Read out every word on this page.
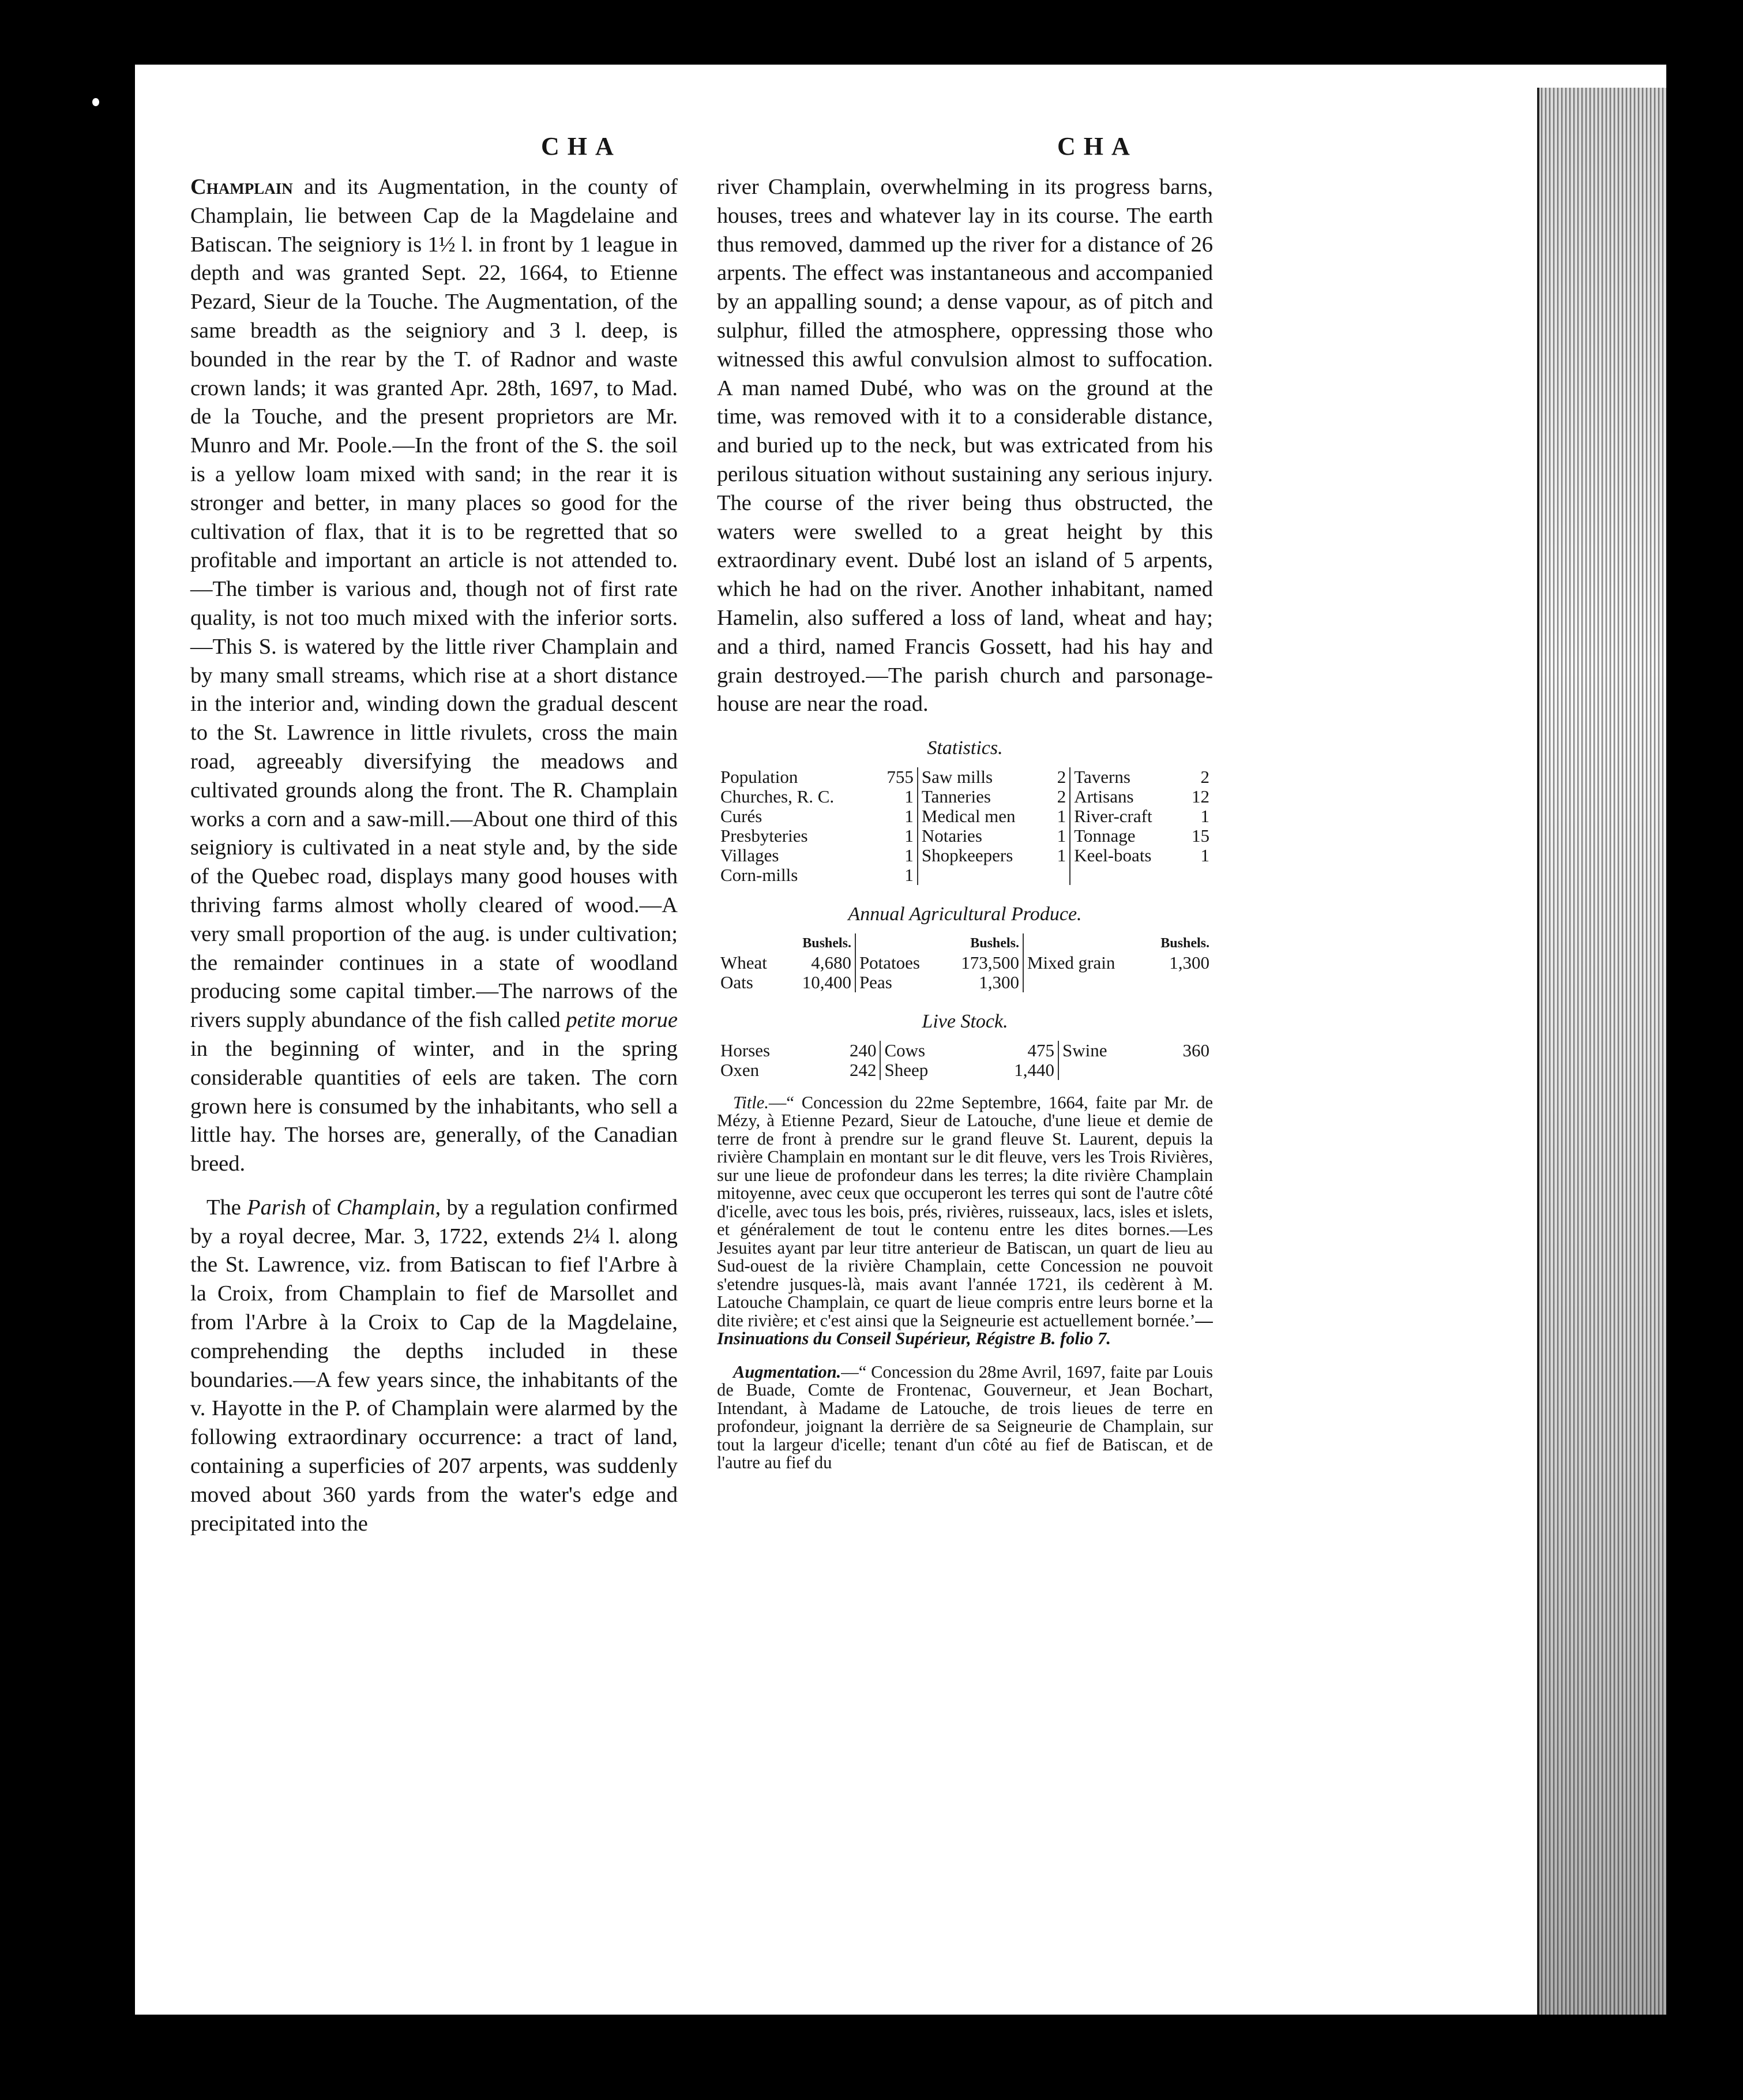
CHA	CHA

Champlain and its Augmentation, in the county of Champlain, lie between Cap de la Magdelaine and Batiscan. The seigniory is 1½ l. in front by 1 league in depth and was granted Sept. 22, 1664, to Etienne Pezard, Sieur de la Touche. The Augmentation, of the same breadth as the seigniory and 3 l. deep, is bounded in the rear by the T. of Radnor and waste crown lands; it was granted Apr. 28th, 1697, to Mad. de la Touche, and the present proprietors are Mr. Munro and Mr. Poole.—In the front of the S. the soil is a yellow loam mixed with sand; in the rear it is stronger and better, in many places so good for the cultivation of flax, that it is to be regretted that so profitable and important an article is not attended to.—The timber is various and, though not of first rate quality, is not too much mixed with the inferior sorts.—This S. is watered by the little river Champlain and by many small streams, which rise at a short distance in the interior and, winding down the gradual descent to the St. Lawrence in little rivulets, cross the main road, agreeably diversifying the meadows and cultivated grounds along the front. The R. Champlain works a corn and a saw-mill.—About one third of this seigniory is cultivated in a neat style and, by the side of the Quebec road, displays many good houses with thriving farms almost wholly cleared of wood.—A very small proportion of the aug. is under cultivation; the remainder continues in a state of woodland producing some capital timber.—The narrows of the rivers supply abundance of the fish called petite morue in the beginning of winter, and in the spring considerable quantities of eels are taken. The corn grown here is consumed by the inhabitants, who sell a little hay. The horses are, generally, of the Canadian breed.

The Parish of Champlain, by a regulation confirmed by a royal decree, Mar. 3, 1722, extends 2¼ l. along the St. Lawrence, viz. from Batiscan to fief l'Arbre à la Croix, from Champlain to fief de Marsollet and from l'Arbre à la Croix to Cap de la Magdelaine, comprehending the depths included in these boundaries.—A few years since, the inhabitants of the v. Hayotte in the P. of Champlain were alarmed by the following extraordinary occurrence: a tract of land, containing a superficies of 207 arpents, was suddenly moved about 360 yards from the water's edge and precipitated into the

river Champlain, overwhelming in its progress barns, houses, trees and whatever lay in its course. The earth thus removed, dammed up the river for a distance of 26 arpents. The effect was instantaneous and accompanied by an appalling sound; a dense vapour, as of pitch and sulphur, filled the atmosphere, oppressing those who witnessed this awful convulsion almost to suffocation. A man named Dubé, who was on the ground at the time, was removed with it to a considerable distance, and buried up to the neck, but was extricated from his perilous situation without sustaining any serious injury. The course of the river being thus obstructed, the waters were swelled to a great height by this extraordinary event. Dubé lost an island of 5 arpents, which he had on the river. Another inhabitant, named Hamelin, also suffered a loss of land, wheat and hay; and a third, named Francis Gossett, had his hay and grain destroyed.—The parish church and parsonage-house are near the road.

Statistics.
Population	755	Saw mills	2	Taverns	2
Churches, R. C.	1	Tanneries	2	Artisans	12
Curés	1	Medical men	1	River-craft	1
Presbyteries	1	Notaries	1	Tonnage	15
Villages	1	Shopkeepers	1	Keel-boats	1
Corn-mills	1				
Annual Agricultural Produce.
	Bushels.		Bushels.		Bushels.
Wheat	4,680	Potatoes	173,500	Mixed grain	1,300
Oats	10,400	Peas	1,300		
Live Stock.
Horses	240	Cows	475	Swine	360
Oxen	242	Sheep	1,440		

Title.—“ Concession du 22me Septembre, 1664, faite par Mr. de Mézy, à Etienne Pezard, Sieur de Latouche, d'une lieue et demie de terre de front à prendre sur le grand fleuve St. Laurent, depuis la rivière Champlain en montant sur le dit fleuve, vers les Trois Rivières, sur une lieue de profondeur dans les terres; la dite rivière Champlain mitoyenne, avec ceux que occuperont les terres qui sont de l'autre côté d'icelle, avec tous les bois, prés, rivières, ruisseaux, lacs, isles et islets, et généralement de tout le contenu entre les dites bornes.—Les Jesuites ayant par leur titre anterieur de Batiscan, un quart de lieu au Sud-ouest de la rivière Champlain, cette Concession ne pouvoit s'etendre jusques-là, mais avant l'année 1721, ils cedèrent à M. Latouche Champlain, ce quart de lieue compris entre leurs borne et la dite rivière; et c'est ainsi que la Seigneurie est actuellement bornée.’—Insinuations du Conseil Supérieur, Régistre B. folio 7.

Augmentation.—“ Concession du 28me Avril, 1697, faite par Louis de Buade, Comte de Frontenac, Gouverneur, et Jean Bochart, Intendant, à Madame de Latouche, de trois lieues de terre en profondeur, joignant la derrière de sa Seigneurie de Champlain, sur tout la largeur d'icelle; tenant d'un côté au fief de Batiscan, et de l'autre au fief du
